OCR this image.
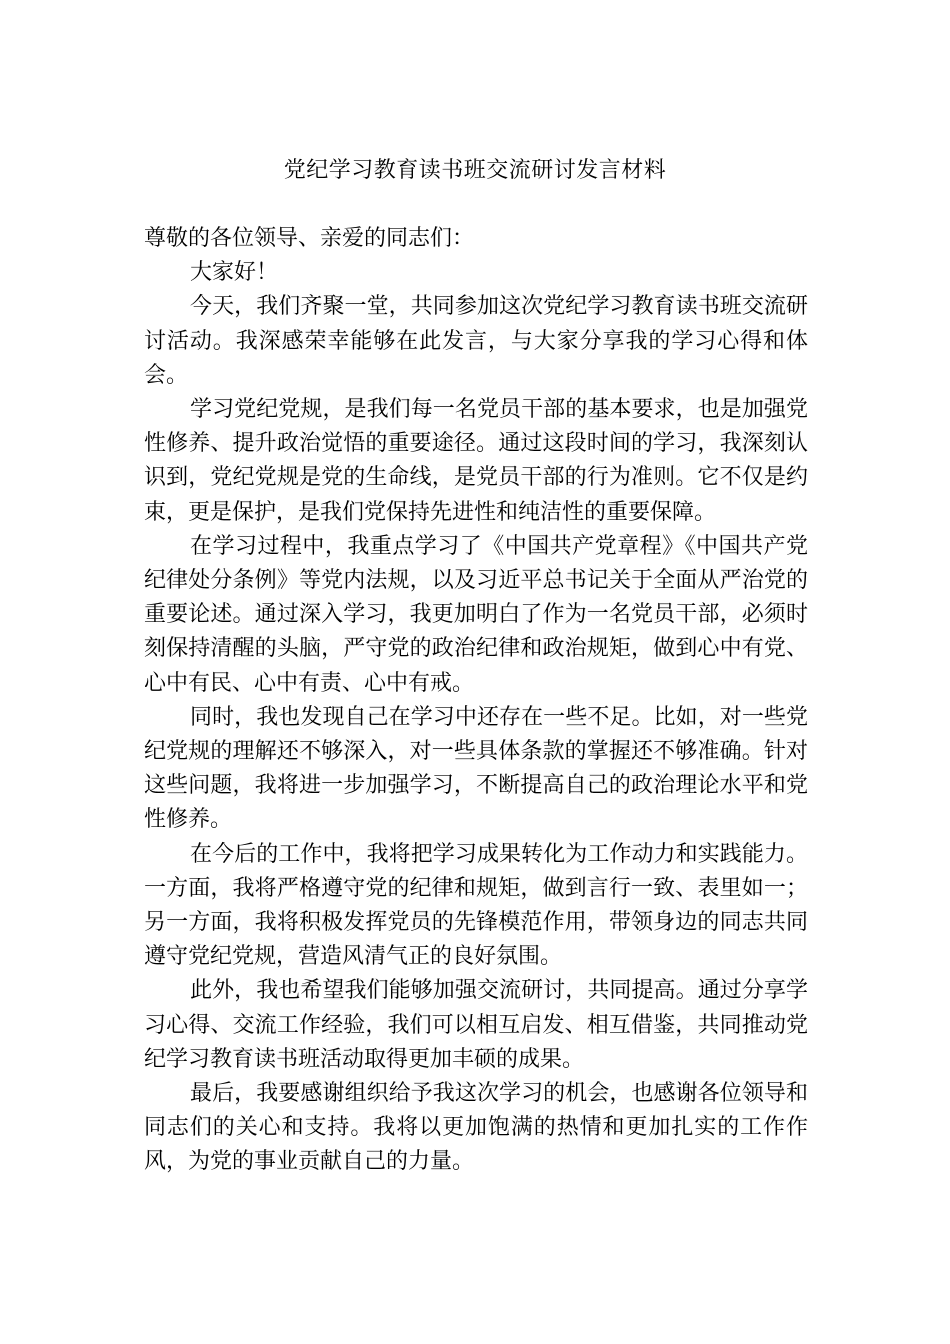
党纪学习教育读书班交流研讨发言材料

尊敬的各位领导、亲爱的同志们：

大家好！

今天，我们齐聚一堂，共同参加这次党纪学习教育读书班交流研讨活动。我深感荣幸能够在此发言，与大家分享我的学习心得和体会。

学习党纪党规，是我们每一名党员干部的基本要求，也是加强党性修养、提升政治觉悟的重要途径。通过这段时间的学习，我深刻认识到，党纪党规是党的生命线，是党员干部的行为准则。它不仅是约束，更是保护，是我们党保持先进性和纯洁性的重要保障。

在学习过程中，我重点学习了《中国共产党章程》《中国共产党纪律处分条例》等党内法规，以及习近平总书记关于全面从严治党的重要论述。通过深入学习，我更加明白了作为一名党员干部，必须时刻保持清醒的头脑，严守党的政治纪律和政治规矩，做到心中有党、心中有民、心中有责、心中有戒。

同时，我也发现自己在学习中还存在一些不足。比如，对一些党纪党规的理解还不够深入，对一些具体条款的掌握还不够准确。针对这些问题，我将进一步加强学习，不断提高自己的政治理论水平和党性修养。

在今后的工作中，我将把学习成果转化为工作动力和实践能力。一方面，我将严格遵守党的纪律和规矩，做到言行一致、表里如一；另一方面，我将积极发挥党员的先锋模范作用，带领身边的同志共同遵守党纪党规，营造风清气正的良好氛围。

此外，我也希望我们能够加强交流研讨，共同提高。通过分享学习心得、交流工作经验，我们可以相互启发、相互借鉴，共同推动党纪学习教育读书班活动取得更加丰硕的成果。

最后，我要感谢组织给予我这次学习的机会，也感谢各位领导和同志们的关心和支持。我将以更加饱满的热情和更加扎实的工作作风，为党的事业贡献自己的力量。
